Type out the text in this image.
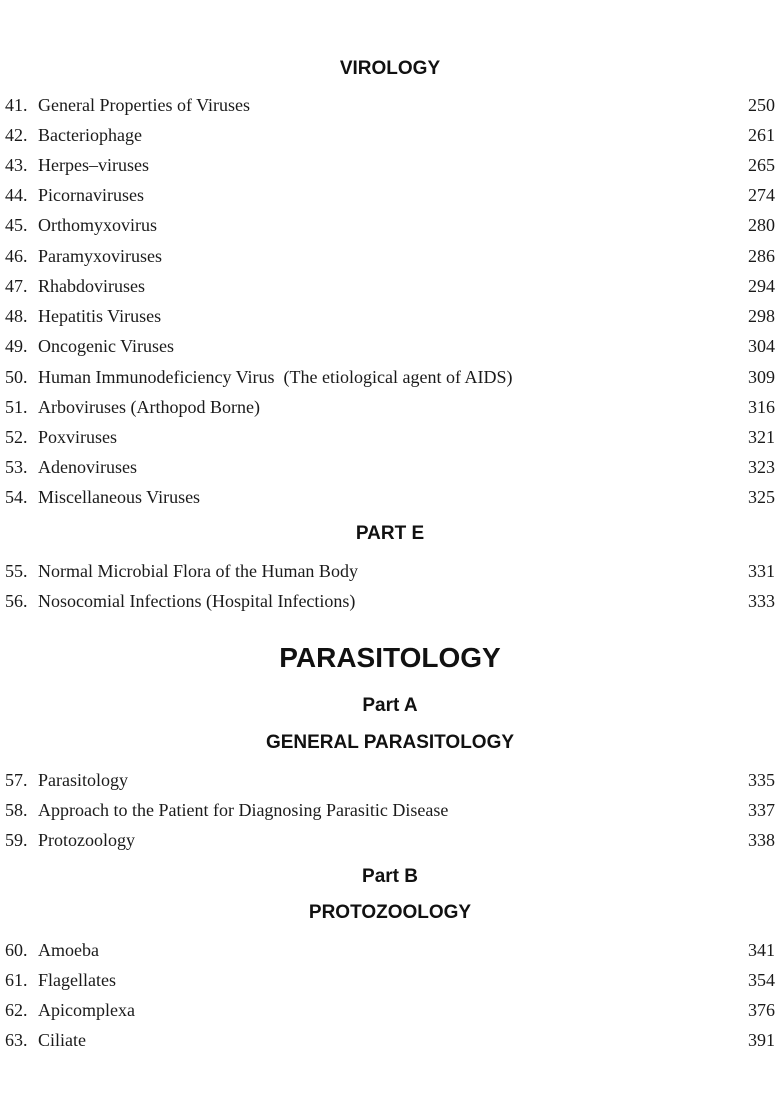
VIROLOGY
41. General Properties of Viruses	250
42. Bacteriophage	261
43. Herpes–viruses	265
44. Picornaviruses	274
45. Orthomyxovirus	280
46. Paramyxoviruses	286
47. Rhabdoviruses	294
48. Hepatitis Viruses	298
49. Oncogenic Viruses	304
50. Human Immunodeficiency Virus  (The etiological agent of AIDS)	309
51. Arboviruses (Arthopod Borne)	316
52. Poxviruses	321
53. Adenoviruses	323
54. Miscellaneous Viruses	325
PART E
55. Normal Microbial Flora of the Human Body	331
56. Nosocomial Infections (Hospital Infections)	333
PARASITOLOGY
Part A
GENERAL PARASITOLOGY
57. Parasitology	335
58. Approach to the Patient for Diagnosing Parasitic Disease	337
59. Protozoology	338
Part B
PROTOZOOLOGY
60. Amoeba	341
61. Flagellates	354
62. Apicomplexa	376
63. Ciliate	391
